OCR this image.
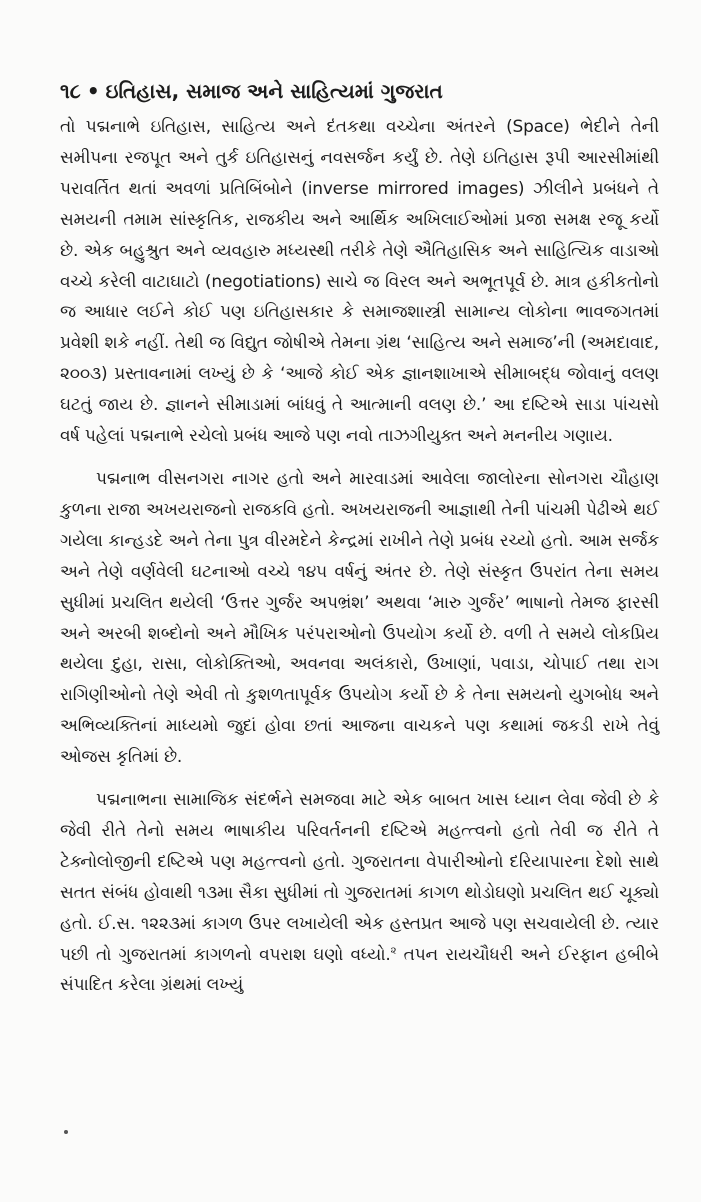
૧૮ • ઇતિહાસ, સમાજ અને સાહિત્યમાં ગુજરાત

તો પદ્મનાભે ઇતિહાસ, સાહિત્ય અને દંતકથા વચ્ચેના અંતરને (Space) ભેદીને તેની સમીપના રજપૂત અને તુર્ક ઇતિહાસનું નવસર્જન કર્યું છે. તેણે ઇતિહાસ રૂપી આરસીમાંથી પરાવર્તિત થતાં અવળાં પ્રતિબિંબોને (inverse mirrored images) ઝીલીને પ્રબંધને તે સમયની તમામ સાંસ્કૃતિક, રાજકીય અને આર્થિક અખિલાઈઓમાં પ્રજા સમક્ષ રજૂ કર્યો છે. એક બહુશ્રુત અને વ્યવહારુ મધ્યસ્થી તરીકે તેણે ઐતિહાસિક અને સાહિત્યિક વાડાઓ વચ્ચે કરેલી વાટાઘાટો (negotiations) સાચે જ વિરલ અને અભૂતપૂર્વ છે. માત્ર હકીકતોનો જ આધાર લઈને કોઈ પણ ઇતિહાસકાર કે સમાજશાસ્ત્રી સામાન્ય લોકોના ભાવજગતમાં પ્રવેશી શકે નહીં. તેથી જ વિદ્યુત જોષીએ તેમના ગ્રંથ ‘સાહિત્ય અને સમાજ’ની (અમદાવાદ, ૨૦૦૩) પ્રસ્તાવનામાં લખ્યું છે કે ‘આજે કોઈ એક જ્ઞાનશાખાએ સીમાબદ્ધ જોવાનું વલણ ઘટતું જાય છે. જ્ઞાનને સીમાડામાં બાંધવું તે આત્માની વલણ છે.’ આ દષ્ટિએ સાડા પાંચસો વર્ષ પહેલાં પદ્મનાભે રચેલો પ્રબંધ આજે પણ નવો તાઝગીયુક્ત અને મનનીય ગણાય.

પદ્મનાભ વીસનગરા નાગર હતો અને મારવાડમાં આવેલા જાલોરના સોનગરા ચૌહાણ કુળના રાજા અખયરાજનો રાજકવિ હતો. અખયરાજની આજ્ઞાથી તેની પાંચમી પેઢીએ થઈ ગયેલા કાન્હડદે અને તેના પુત્ર વીરમદેને કેન્દ્રમાં રાખીને તેણે પ્રબંધ રચ્યો હતો. આમ સર્જક અને તેણે વર્ણવેલી ઘટનાઓ વચ્ચે ૧૪૫ વર્ષનું અંતર છે. તેણે સંસ્કૃત ઉપરાંત તેના સમય સુધીમાં પ્રચલિત થયેલી ‘ઉત્તર ગુર્જર અપભ્રંશ’ અથવા ‘મારુ ગુર્જર’ ભાષાનો તેમજ ફારસી અને અરબી શબ્દોનો અને મૌખિક પરંપરાઓનો ઉપયોગ કર્યો છે. વળી તે સમયે લોકપ્રિય થયેલા દુહા, રાસા, લોકોક્તિઓ, અવનવા અલંકારો, ઉખાણાં, પવાડા, ચોપાઈ તથા રાગ રાગિણીઓનો તેણે એવી તો કુશળતાપૂર્વક ઉપયોગ કર્યો છે કે તેના સમયનો યુગબોધ અને અભિવ્યક્તિનાં માધ્યમો જુદાં હોવા છતાં આજના વાચકને પણ કથામાં જકડી રાખે તેવું ઓજસ કૃતિમાં છે.

પદ્મનાભના સામાજિક સંદર્ભને સમજવા માટે એક બાબત ખાસ ધ્યાન લેવા જેવી છે કે જેવી રીતે તેનો સમય ભાષાકીય પરિવર્તનની દષ્ટિએ મહત્ત્વનો હતો તેવી જ રીતે તે ટેક્નોલોજીની દષ્ટિએ પણ મહત્ત્વનો હતો. ગુજરાતના વેપારીઓનો દરિયાપારના દેશો સાથે સતત સંબંધ હોવાથી ૧૩મા સૈકા સુધીમાં તો ગુજરાતમાં કાગળ થોડોઘણો પ્રચલિત થઈ ચૂક્યો હતો. ઈ.સ. ૧૨૨૩માં કાગળ ઉપર લખાયેલી એક હસ્તપ્રત આજે પણ સચવાયેલી છે. ત્યાર પછી તો ગુજરાતમાં કાગળનો વપરાશ ઘણો વધ્યો.$^૨$ તપન રાયચૌધરી અને ઈરફાન હબીબે સંપાદિત કરેલા ગ્રંથમાં લખ્યું
